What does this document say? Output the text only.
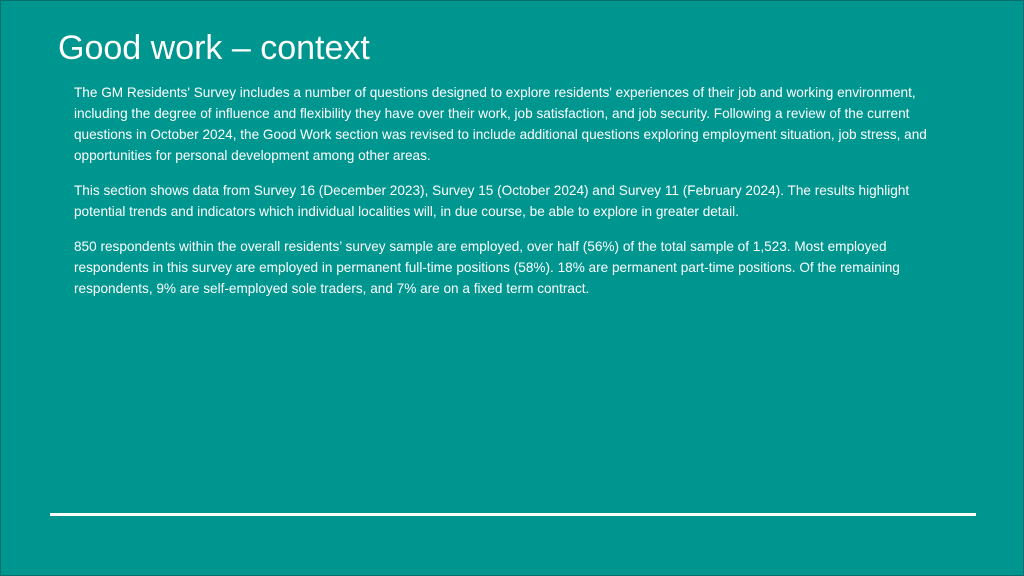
Good work – context

The GM Residents' Survey includes a number of questions designed to explore residents' experiences of their job and working environment, including the degree of influence and flexibility they have over their work, job satisfaction, and job security. Following a review of the current questions in October 2024, the Good Work section was revised to include additional questions exploring employment situation, job stress, and opportunities for personal development among other areas.

This section shows data from Survey 16 (December 2023), Survey 15 (October 2024) and Survey 11 (February 2024). The results highlight potential trends and indicators which individual localities will, in due course, be able to explore in greater detail.

850 respondents within the overall residents’ survey sample are employed, over half (56%) of the total sample of 1,523. Most employed respondents in this survey are employed in permanent full-time positions (58%). 18% are permanent part-time positions. Of the remaining respondents, 9% are self-employed sole traders, and 7% are on a fixed term contract.
